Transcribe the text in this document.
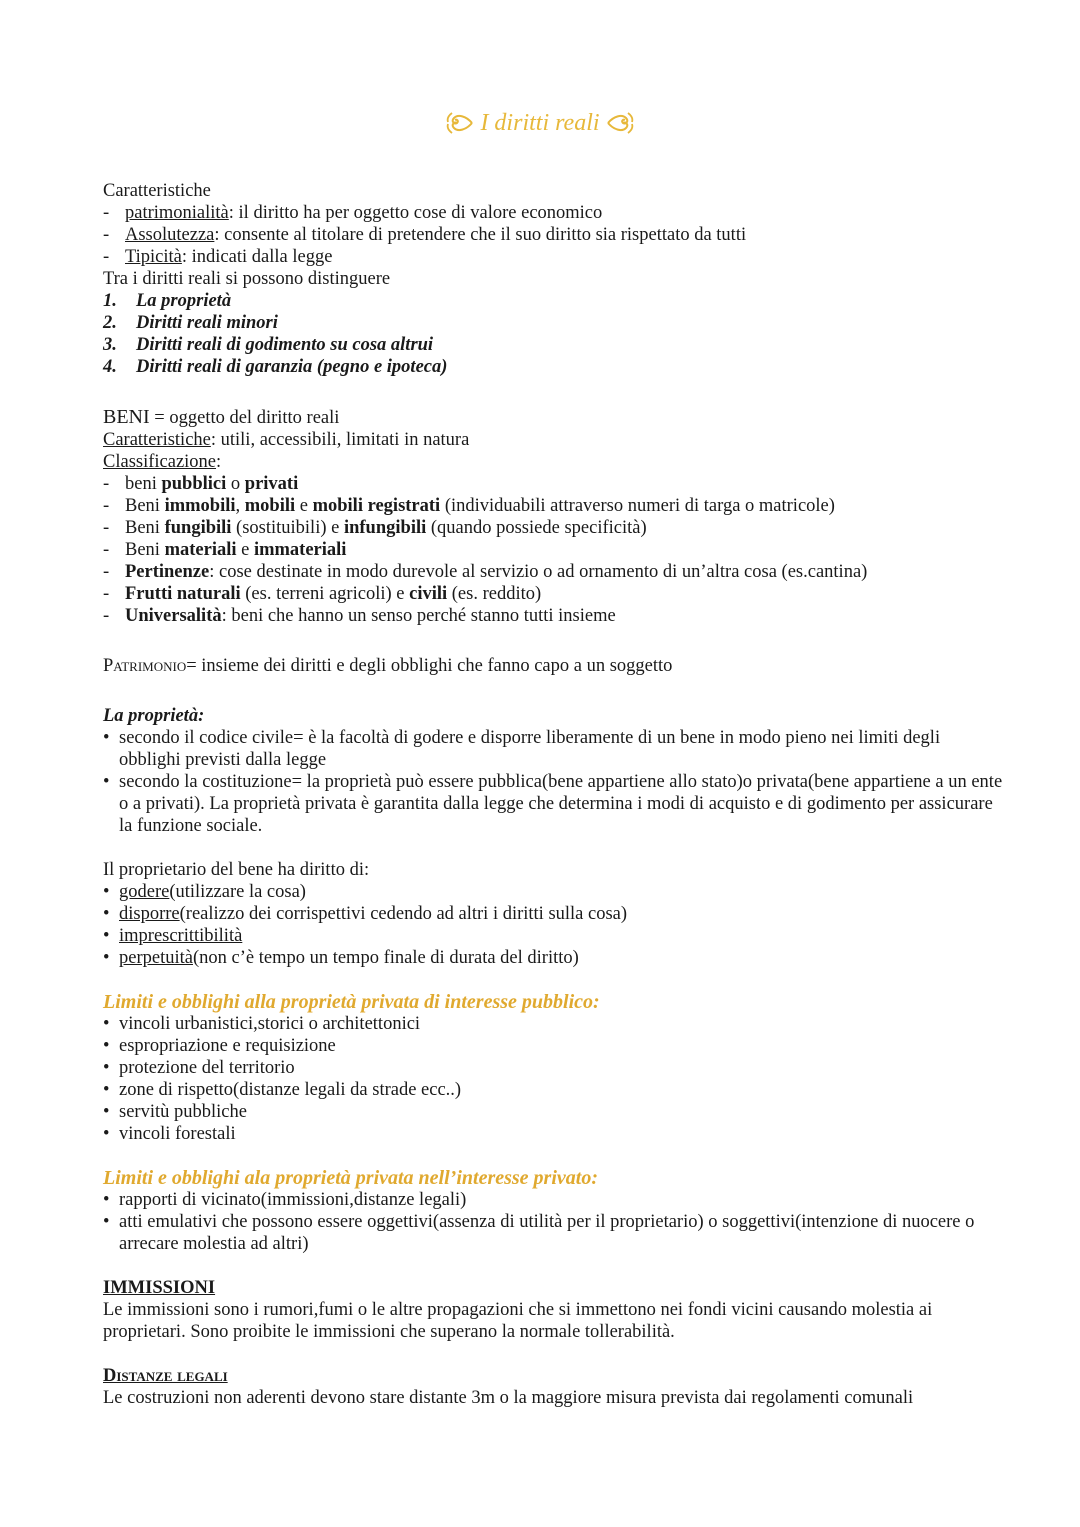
I diritti reali

Caratteristiche

- patrimonialità: il diritto ha per oggetto cose di valore economico
- Assolutezza: consente al titolare di pretendere che il suo diritto sia rispettato da tutti
- Tipicità: indicati dalla legge

Tra i diritti reali si possono distinguere

1. La proprietà
2. Diritti reali minori
3. Diritti reali di godimento su cosa altrui
4. Diritti reali di garanzia (pegno e ipoteca)

BENI = oggetto del diritto reali

Caratteristiche: utili, accessibili, limitati in natura

Classificazione:

- beni pubblici o privati
- Beni immobili, mobili e mobili registrati (individuabili attraverso numeri di targa o matricole)
- Beni fungibili (sostituibili) e infungibili (quando possiede specificità)
- Beni materiali e immateriali
- Pertinenze: cose destinate in modo durevole al servizio o ad ornamento di un’altra cosa (es.cantina)
- Frutti naturali (es. terreni agricoli) e civili (es. reddito)
- Universalità: beni che hanno un senso perché stanno tutti insieme

Patrimonio= insieme dei diritti e degli obblighi che fanno capo a un soggetto

La proprietà:

• secondo il codice civile= è la facoltà di godere e disporre liberamente di un bene in modo pieno nei limiti degli obblighi previsti dalla legge
• secondo la costituzione= la proprietà può essere pubblica(bene appartiene allo stato)o privata(bene appartiene a un ente o a privati). La proprietà privata è garantita dalla legge che determina i modi di acquisto e di godimento per assicurare la funzione sociale.

Il proprietario del bene ha diritto di:

• godere(utilizzare la cosa)
• disporre(realizzo dei corrispettivi cedendo ad altri i diritti sulla cosa)
• imprescrittibilità
• perpetuità(non c’è tempo un tempo finale di durata del diritto)

Limiti e obblighi alla proprietà privata di interesse pubblico:

• vincoli urbanistici,storici o architettonici
• espropriazione e requisizione
• protezione del territorio
• zone di rispetto(distanze legali da strade ecc..)
• servitù pubbliche
• vincoli forestali

Limiti e obblighi ala proprietà privata nell’interesse privato:

• rapporti di vicinato(immissioni,distanze legali)
• atti emulativi che possono essere oggettivi(assenza di utilità per il proprietario) o soggettivi(intenzione di nuocere o arrecare molestia ad altri)

IMMISSIONI

Le immissioni sono i rumori,fumi o le altre propagazioni che si immettono nei fondi vicini causando molestia ai proprietari. Sono proibite le immissioni che superano la normale tollerabilità.

Distanze legali

Le costruzioni non aderenti devono stare distante 3m o la maggiore misura prevista dai regolamenti comunali
